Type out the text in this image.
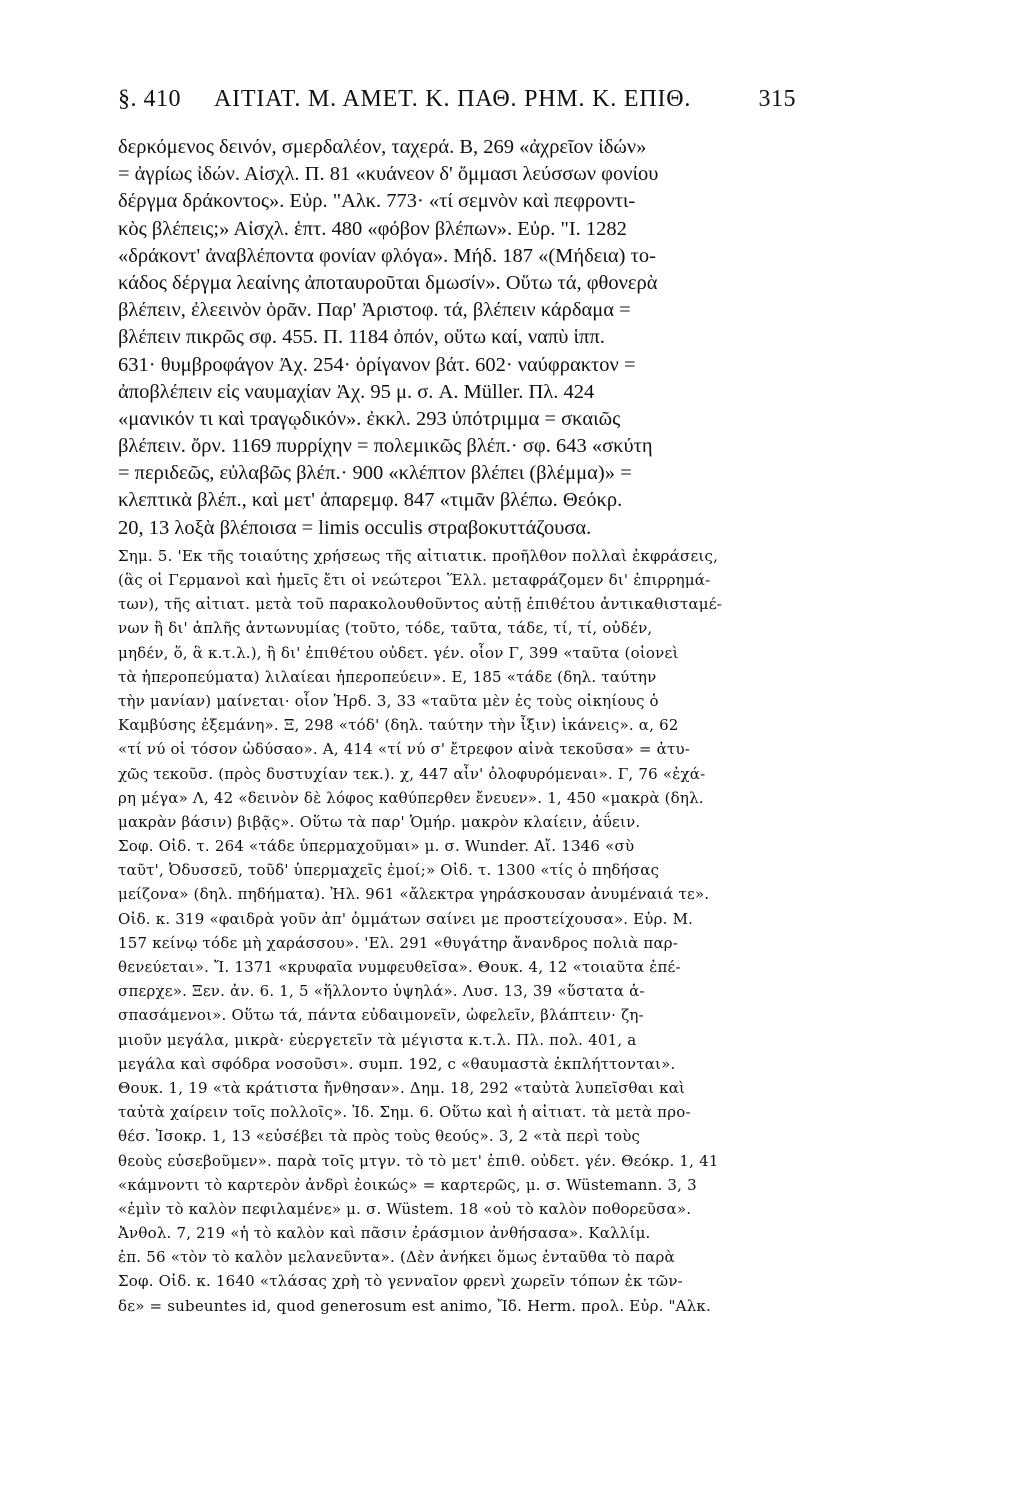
§. 410	ΑΙΤΙΑΤ. Μ. ΑΜΕΤ. Κ. ΠΑΘ. ΡΗΜ. Κ. ΕΠΙΘ.	315
δερκόμενος δεινόν, σμερδαλέον, ταχερά. Β, 269 «ἀχρεῖον ἰδών»
= ἀγρίως ἰδών. Αἰσχλ. Π. 81 «κυάνεον δ' ὄμμασι λεύσσων φονίου
δέργμα δράκοντος». Εὐρ. "Αλκ. 773· «τί σεμνὸν καὶ πεφροντι-
κὸς βλέπεις;» Αἰσχλ. ἑπτ. 480 «φόβον βλέπων». Εὐρ. "Ι. 1282
«δράκοντ' ἀναβλέποντα φονίαν φλόγα». Μήδ. 187 «(Μήδεια) το-
κάδος δέργμα λεαίνης ἀποταυροῦται δμωσίν». Οὕτω τά, φθονερὰ
βλέπειν, ἐλεεινὸν ὁρᾶν. Παρ' Ἀριστοφ. τά, βλέπειν κάρδαμα =
βλέπειν πικρῶς σφ. 455. Π. 1184 ὀπόν, οὕτω καί, ναπὺ ἱππ.
631· θυμβροφάγον Ἀχ. 254· ὀρίγανον βάτ. 602· ναύφρακτον =
ἀποβλέπειν εἰς ναυμαχίαν Ἀχ. 95 μ. σ. A. Müller. Πλ. 424
«μανικόν τι καὶ τραγῳδικόν». ἐκκλ. 293 ὑπότριμμα = σκαιῶς
βλέπειν. ὄρν. 1169 πυρρίχην = πολεμικῶς βλέπ.· σφ. 643 «σκύτη
= περιδεῶς, εὐλαβῶς βλέπ.· 900 «κλέπτον βλέπει (βλέμμα)» =
κλεπτικὰ βλέπ., καὶ μετ' ἀπαρεμφ. 847 «τιμᾶν βλέπω. Θεόκρ.
20, 13 λοξὰ βλέποισα = limis occulis στραβοκυττάζουσα.
Σημ. 5. 'Εκ τῆς τοιαύτης χρήσεως τῆς αἰτιατικ. προῆλθον πολλαὶ ἐκφράσεις,
(ἃς οἱ Γερμανοὶ καὶ ἡμεῖς ἔτι οἱ νεώτεροι Ἕλλ. μεταφράζομεν δι' ἐπιρρημά-
των), τῆς αἰτιατ. μετὰ τοῦ παρακολουθοῦντος αὐτῇ ἐπιθέτου ἀντικαθισταμέ-
νων ἢ δι' ἁπλῆς ἀντωνυμίας (τοῦτο, τόδε, ταῦτα, τάδε, τί, τί, οὐδέν,
μηδέν, ὅ, ἃ κ.τ.λ.), ἢ δι' ἐπιθέτου οὐδετ. γέν. οἷον Γ, 399 «ταῦτα (οἱονεὶ
τὰ ἠπεροπεύματα) λιλαίεαι ἠπεροπεύειν». Ε, 185 «τάδε (δηλ. ταύτην
τὴν μανίαν) μαίνεται· οἷον Ἡρδ. 3, 33 «ταῦτα μὲν ἐς τοὺς οἰκηίους ὁ
Καμβύσης ἐξεμάνη». Ξ, 298 «τόδ' (δηλ. ταύτην τὴν ἶξιν) ἱκάνεις». α, 62
«τί νύ οἱ τόσον ὠδύσαο». Α, 414 «τί νύ σ' ἔτρεφον αἰνὰ τεκοῦσα» = ἀτυ-
χῶς τεκοῦσ. (πρὸς δυστυχίαν τεκ.). χ, 447 αἶν' ὀλοφυρόμεναι». Γ, 76 «ἐχά-
ρη μέγα» Λ, 42 «δεινὸν δὲ λόφος καθύπερθεν ἔνευεν». 1, 450 «μακρὰ (δηλ.
μακρὰν βάσιν) βιβᾷς». Οὕτω τὰ παρ' Ὁμήρ. μακρὸν κλαίειν, ἀΰειν.
Σοφ. Οἰδ. τ. 264 «τάδε ὑπερμαχοῦμαι» μ. σ. Wunder. Αἴ. 1346 «σὺ
ταῦτ', Ὀδυσσεῦ, τοῦδ' ὑπερμαχεῖς ἐμοί;» Οἰδ. τ. 1300 «τίς ὁ πηδήσας
μείζονα» (δηλ. πηδήματα). Ἠλ. 961 «ἄλεκτρα γηράσκουσαν ἀνυμέναιά τε».
Οἰδ. κ. 319 «φαιδρὰ γοῦν ἀπ' ὀμμάτων σαίνει με προστείχουσα». Εὐρ. Μ.
157 κείνῳ τόδε μὴ χαράσσου». 'Ελ. 291 «θυγάτηρ ἄνανδρος πολιὰ παρ-
θενεύεται». Ἴ. 1371 «κρυφαῖα νυμφευθεῖσα». Θουκ. 4, 12 «τοιαῦτα ἐπέ-
σπερχε». Ξεν. ἀν. 6. 1, 5 «ἥλλοντο ὑψηλά». Λυσ. 13, 39 «ὕστατα ἀ-
σπασάμενοι». Οὕτω τά, πάντα εὐδαιμονεῖν, ὠφελεῖν, βλάπτειν· ζη-
μιοῦν μεγάλα, μικρὰ· εὐεργετεῖν τὰ μέγιστα κ.τ.λ. Πλ. πολ. 401, a
μεγάλα καὶ σφόδρα νοσοῦσι». συμπ. 192, c «θαυμαστὰ ἐκπλήττονται».
Θουκ. 1, 19 «τὰ κράτιστα ἤνθησαν». Δημ. 18, 292 «ταὐτὰ λυπεῖσθαι καὶ
ταὐτὰ χαίρειν τοῖς πολλοῖς». Ἰδ. Σημ. 6. Οὕτω καὶ ἡ αἰτιατ. τὰ μετὰ προ-
θέσ. Ἰσοκρ. 1, 13 «εὐσέβει τὰ πρὸς τοὺς θεούς». 3, 2 «τὰ περὶ τοὺς
θεοὺς εὐσεβοῦμεν». παρὰ τοῖς μτγν. τὸ τὸ μετ' ἐπιθ. οὐδετ. γέν. Θεόκρ. 1, 41
«κάμνοντι τὸ καρτερὸν ἀνδρὶ ἐοικώς» = καρτερῶς, μ. σ. Wüstemann. 3, 3
«ἐμὶν τὸ καλὸν πεφιλαμένε» μ. σ. Wüstem. 18 «οὐ τὸ καλὸν ποθορεῦσα».
Ἀνθολ. 7, 219 «ἡ τὸ καλὸν καὶ πᾶσιν ἐράσμιον ἀνθήσασα». Καλλίμ.
ἐπ. 56 «τὸν τὸ καλὸν μελανεῦντα». (Δὲν ἀνήκει ὅμως ἐνταῦθα τὸ παρὰ
Σοφ. Οἰδ. κ. 1640 «τλάσας χρὴ τὸ γενναῖον φρενὶ χωρεῖν τόπων ἐκ τῶν-
δε» = subeuntes id, quod generosum est animo, Ἴδ. Herm. προλ. Εὐρ. "Αλκ.
